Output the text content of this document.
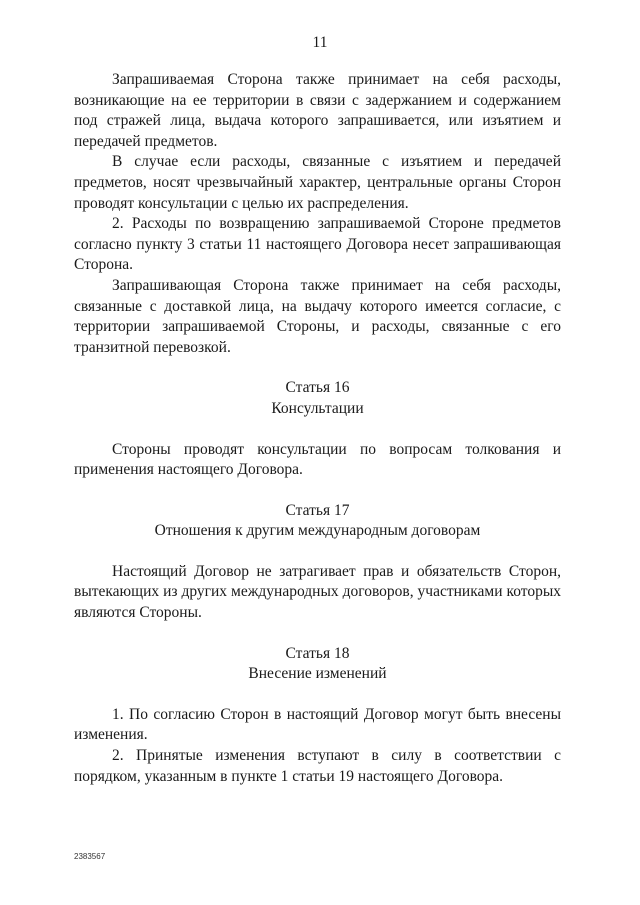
11

Запрашиваемая Сторона также принимает на себя расходы, возникающие на ее территории в связи с задержанием и содержанием под стражей лица, выдача которого запрашивается, или изъятием и передачей предметов.

В случае если расходы, связанные с изъятием и передачей предметов, носят чрезвычайный характер, центральные органы Сторон проводят консультации с целью их распределения.

2. Расходы по возвращению запрашиваемой Стороне предметов согласно пункту 3 статьи 11 настоящего Договора несет запрашивающая Сторона.

Запрашивающая Сторона также принимает на себя расходы, связанные с доставкой лица, на выдачу которого имеется согласие, с территории запрашиваемой Стороны, и расходы, связанные с его транзитной перевозкой.

Статья 16

Консультации

Стороны проводят консультации по вопросам толкования и применения настоящего Договора.

Статья 17

Отношения к другим международным договорам

Настоящий Договор не затрагивает прав и обязательств Сторон, вытекающих из других международных договоров, участниками которых являются Стороны.

Статья 18

Внесение изменений

1. По согласию Сторон в настоящий Договор могут быть внесены изменения.

2. Принятые изменения вступают в силу в соответствии с порядком, указанным в пункте 1 статьи 19 настоящего Договора.

2383567
